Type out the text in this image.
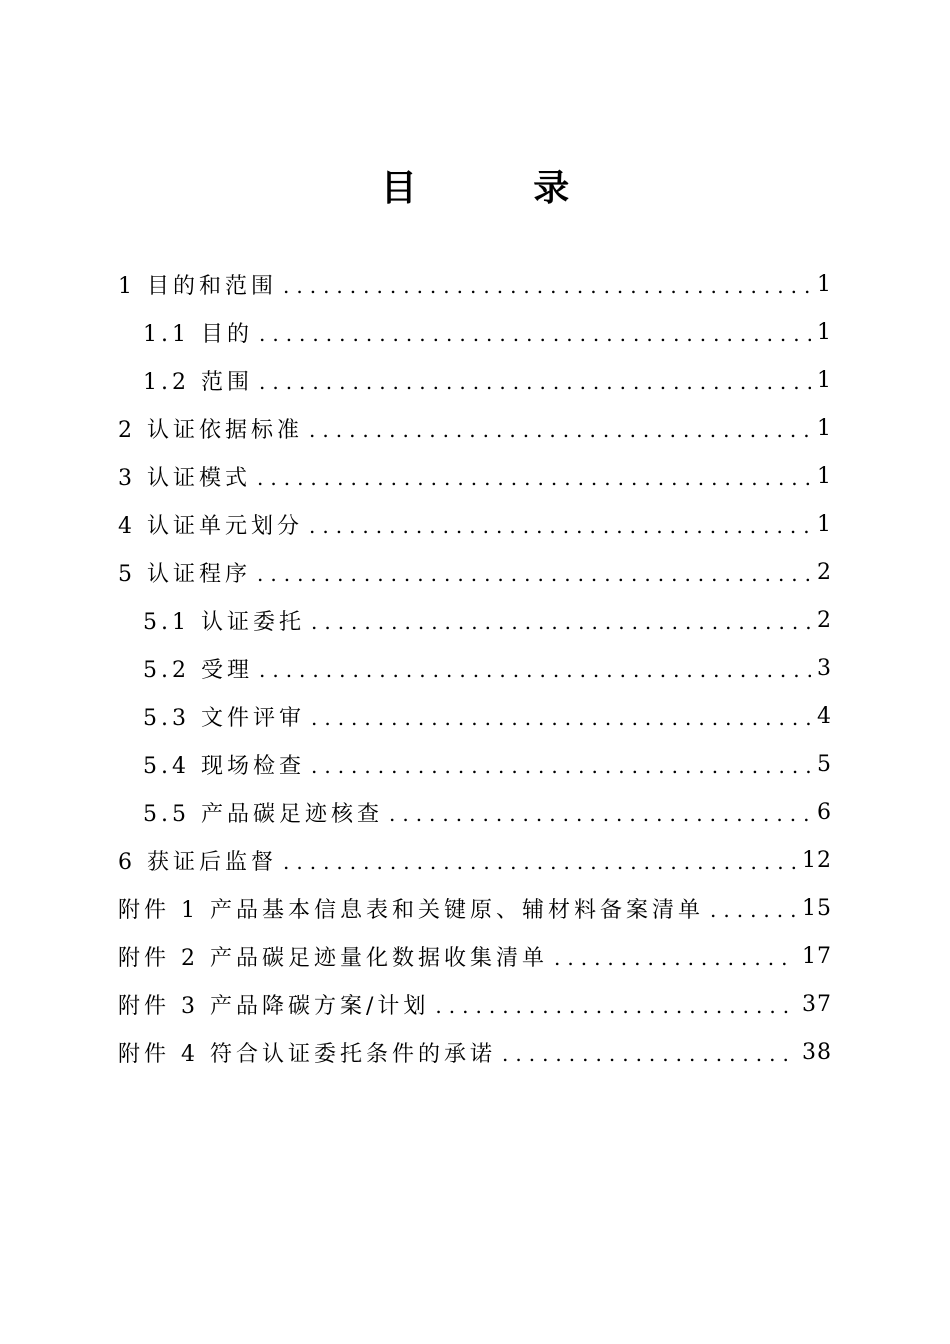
目 录
1 目的和范围 .....	1
1.1 目的 .....	1
1.2 范围 .....	1
2 认证依据标准 .....	1
3 认证模式 .....	1
4 认证单元划分 .....	1
5 认证程序 .....	2
5.1 认证委托 .....	2
5.2 受理 .....	3
5.3 文件评审 .....	4
5.4 现场检查 .....	5
5.5 产品碳足迹核查 .....	6
6 获证后监督 .....	12
附件 1 产品基本信息表和关键原、辅材料备案清单 .....	15
附件 2 产品碳足迹量化数据收集清单 .....	17
附件 3 产品降碳方案/计划 .....	37
附件 4 符合认证委托条件的承诺 .....	38
